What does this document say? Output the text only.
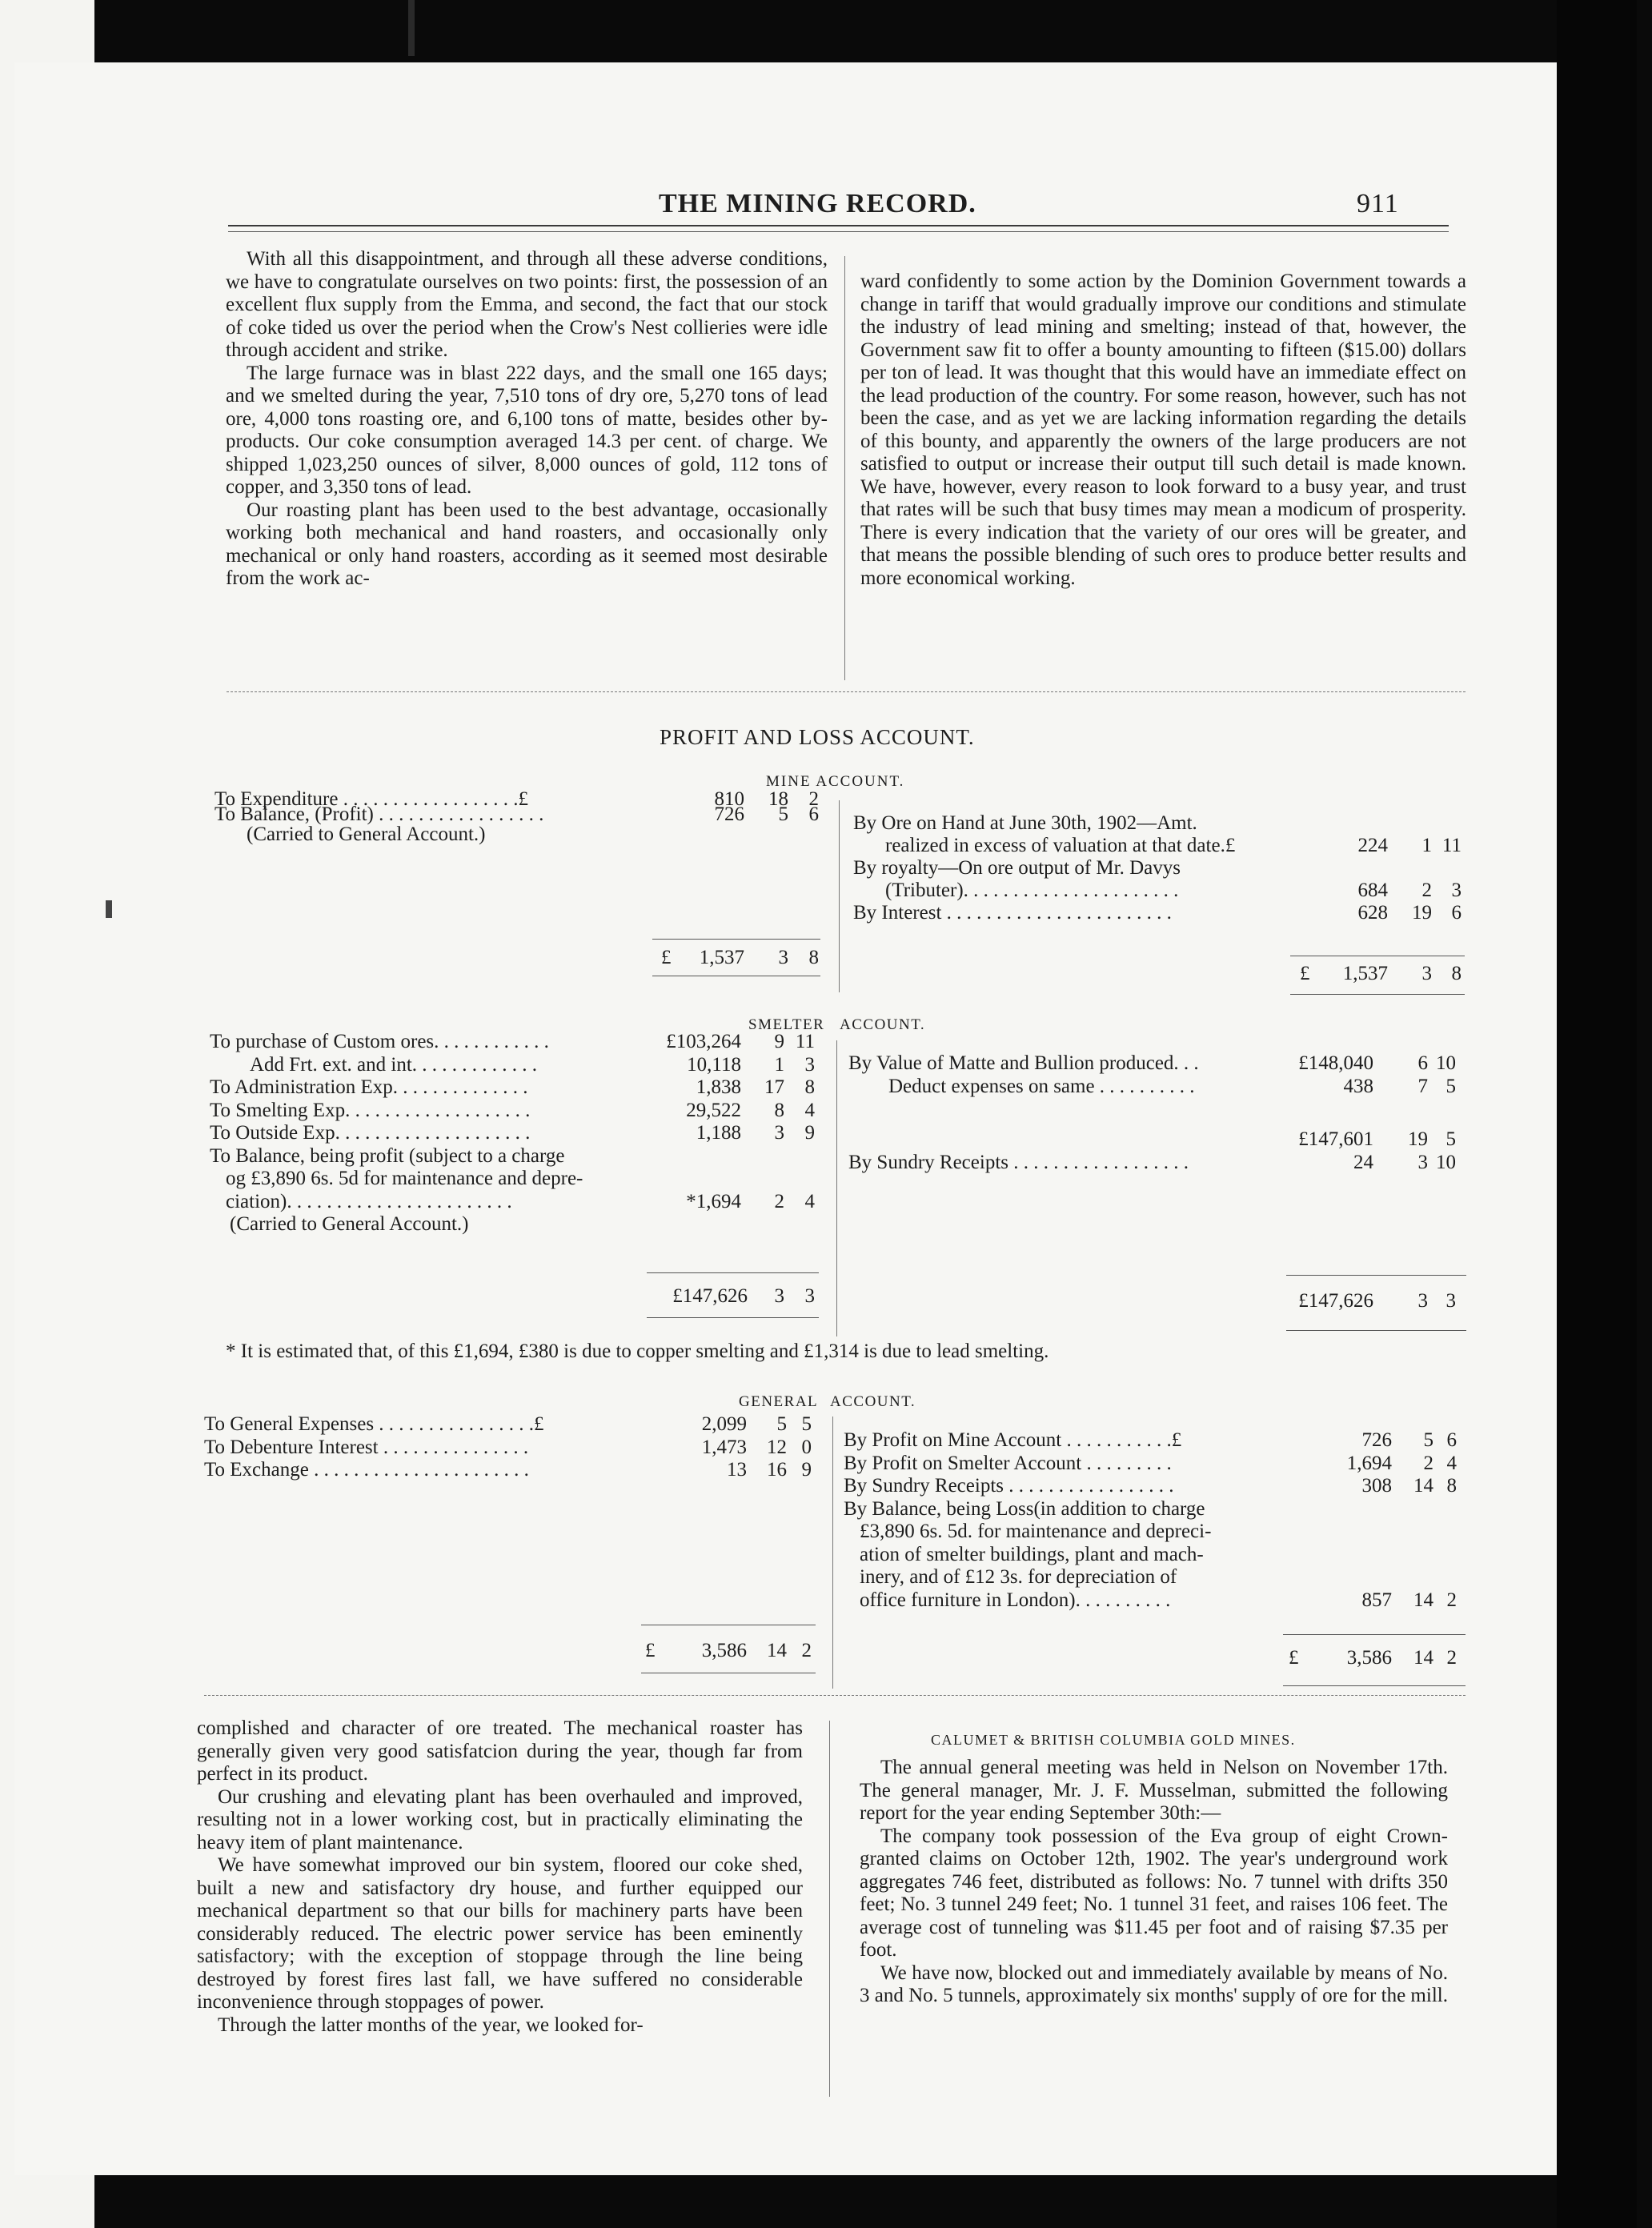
THE MINING RECORD.	911

With all this disappointment, and through all these adverse conditions, we have to congratulate ourselves on two points: first, the possession of an excellent flux supply from the Emma, and second, the fact that our stock of coke tided us over the period when the Crow's Nest collieries were idle through accident and strike.

The large furnace was in blast 222 days, and the small one 165 days; and we smelted during the year, 7,510 tons of dry ore, 5,270 tons of lead ore, 4,000 tons roasting ore, and 6,100 tons of matte, besides other by-products. Our coke consumption averaged 14.3 per cent. of charge. We shipped 1,023,250 ounces of silver, 8,000 ounces of gold, 112 tons of copper, and 3,350 tons of lead.

Our roasting plant has been used to the best advantage, occasionally working both mechanical and hand roasters, and occasionally only mechanical or only hand roasters, according as it seemed most desirable from the work ac-

ward confidently to some action by the Dominion Government towards a change in tariff that would gradually improve our conditions and stimulate the industry of lead mining and smelting; instead of that, however, the Government saw fit to offer a bounty amounting to fifteen ($15.00) dollars per ton of lead. It was thought that this would have an immediate effect on the lead production of the country. For some reason, however, such has not been the case, and as yet we are lacking information regarding the details of this bounty, and apparently the owners of the large producers are not satisfied to output or increase their output till such detail is made known. We have, however, every reason to look forward to a busy year, and trust that rates will be such that busy times may mean a modicum of prosperity. There is every indication that the variety of our ores will be greater, and that means the possible blending of such ores to produce better results and more economical working.

PROFIT AND LOSS ACCOUNT.
MINE ACCOUNT.
To Expenditure . . . . . . . . . . . . . . . . . .£	810 18 2
To Balance, (Profit) . . . . . . . . . . . . . . . . .	726 5 6
(Carried to General Account.)
By Ore on Hand at June 30th, 1902—Amt.
realized in excess of valuation at that date.£	224 1 11
By royalty—On ore output of Mr. Davys
(Tributer). . . . . . . . . . . . . . . . . . . . . .	684 2 3
By Interest . . . . . . . . . . . . . . . . . . . . . . .	628 19 6
£ 1,537 3 8
£ 1,537 3 8
SMELTER ACCOUNT.
To purchase of Custom ores. . . . . . . . . . . .	£103,264 9 11
Add Frt. ext. and int. . . . . . . . . . . . .	10,118 1 3
To Administration Exp. . . . . . . . . . . . . .	1,838 17 8
To Smelting Exp. . . . . . . . . . . . . . . . . . .	29,522 8 4
To Outside Exp. . . . . . . . . . . . . . . . . . . .	1,188 3 9
To Balance, being profit (subject to a charge
og £3,890 6s. 5d for maintenance and depre-
ciation). . . . . . . . . . . . . . . . . . . . . . .	*1,694 2 4
(Carried to General Account.)
By Value of Matte and Bullion produced. . .	£148,040 6 10
Deduct expenses on same . . . . . . . . . .	438 7 5
£147,601 19 5
By Sundry Receipts . . . . . . . . . . . . . . . . . .	24 3 10
£147,626 3 3	£147,626 3 3
* It is estimated that, of this £1,694, £380 is due to copper smelting and £1,314 is due to lead smelting.
GENERAL ACCOUNT.
To General Expenses . . . . . . . . . . . . . . . .£	2,099 5 5
To Debenture Interest . . . . . . . . . . . . . . .	1,473 12 0
To Exchange . . . . . . . . . . . . . . . . . . . . . .	13 16 9
By Profit on Mine Account . . . . . . . . . . .£	726 5 6
By Profit on Smelter Account . . . . . . . . .	1,694 2 4
By Sundry Receipts . . . . . . . . . . . . . . . . .	308 14 8
By Balance, being Loss(in addition to charge
£3,890 6s. 5d. for maintenance and depreci-
ation of smelter buildings, plant and mach-
inery, and of £12 3s. for depreciation of
office furniture in London). . . . . . . . . .	857 14 2
£ 3,586 14 2	£ 3,586 14 2

complished and character of ore treated. The mechanical roaster has generally given very good satisfatcion during the year, though far from perfect in its product.

Our crushing and elevating plant has been overhauled and improved, resulting not in a lower working cost, but in practically eliminating the heavy item of plant maintenance.

We have somewhat improved our bin system, floored our coke shed, built a new and satisfactory dry house, and further equipped our mechanical department so that our bills for machinery parts have been considerably reduced. The electric power service has been eminently satisfactory; with the exception of stoppage through the line being destroyed by forest fires last fall, we have suffered no considerable inconvenience through stoppages of power.

Through the latter months of the year, we looked for-

CALUMET & BRITISH COLUMBIA GOLD MINES.

The annual general meeting was held in Nelson on November 17th. The general manager, Mr. J. F. Musselman, submitted the following report for the year ending September 30th:—

The company took possession of the Eva group of eight Crown-granted claims on October 12th, 1902. The year's underground work aggregates 746 feet, distributed as follows: No. 7 tunnel with drifts 350 feet; No. 3 tunnel 249 feet; No. 1 tunnel 31 feet, and raises 106 feet. The average cost of tunneling was $11.45 per foot and of raising $7.35 per foot.

We have now, blocked out and immediately available by means of No. 3 and No. 5 tunnels, approximately six months' supply of ore for the mill.
